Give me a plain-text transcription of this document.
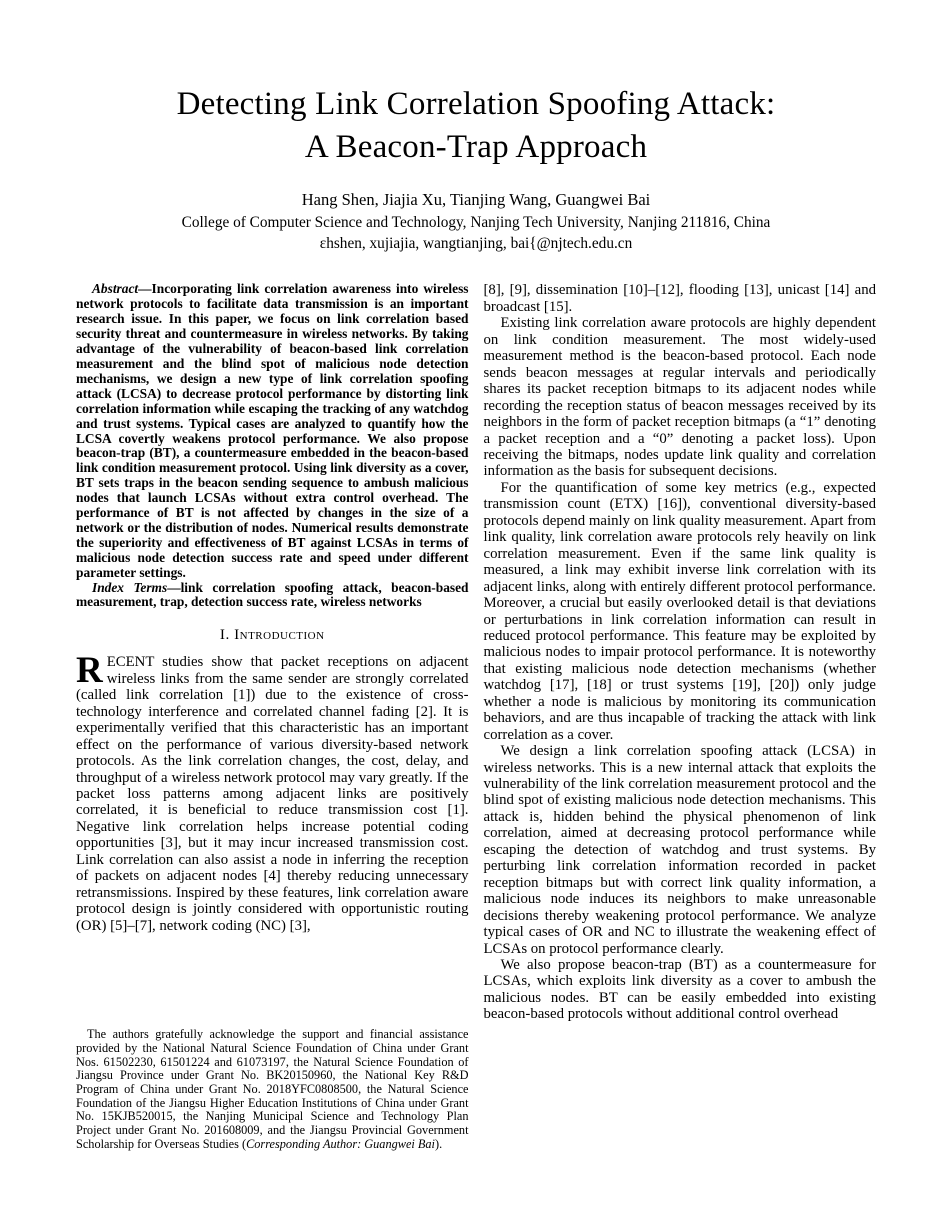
Detecting Link Correlation Spoofing Attack:
A Beacon-Trap Approach
Hang Shen, Jiajia Xu, Tianjing Wang, Guangwei Bai
College of Computer Science and Technology, Nanjing Tech University, Nanjing 211816, China
ɛhshen, xujiajia, wangtianjing, bai{@njtech.edu.cn

Abstract—Incorporating link correlation awareness into wireless network protocols to facilitate data transmission is an important research issue. In this paper, we focus on link correlation based security threat and countermeasure in wireless networks. By taking advantage of the vulnerability of beacon-based link correlation measurement and the blind spot of malicious node detection mechanisms, we design a new type of link correlation spoofing attack (LCSA) to decrease protocol performance by distorting link correlation information while escaping the tracking of any watchdog and trust systems. Typical cases are analyzed to quantify how the LCSA covertly weakens protocol performance. We also propose beacon-trap (BT), a countermeasure embedded in the beacon-based link condition measurement protocol. Using link diversity as a cover, BT sets traps in the beacon sending sequence to ambush malicious nodes that launch LCSAs without extra control overhead. The performance of BT is not affected by changes in the size of a network or the distribution of nodes. Numerical results demonstrate the superiority and effectiveness of BT against LCSAs in terms of malicious node detection success rate and speed under different parameter settings.

Index Terms—link correlation spoofing attack, beacon-based measurement, trap, detection success rate, wireless networks

I. Introduction

RECENT studies show that packet receptions on adjacent wireless links from the same sender are strongly correlated (called link correlation [1]) due to the existence of cross-technology interference and correlated channel fading [2]. It is experimentally verified that this characteristic has an important effect on the performance of various diversity-based network protocols. As the link correlation changes, the cost, delay, and throughput of a wireless network protocol may vary greatly. If the packet loss patterns among adjacent links are positively correlated, it is beneficial to reduce transmission cost [1]. Negative link correlation helps increase potential coding opportunities [3], but it may incur increased transmission cost. Link correlation can also assist a node in inferring the reception of packets on adjacent nodes [4] thereby reducing unnecessary retransmissions. Inspired by these features, link correlation aware protocol design is jointly considered with opportunistic routing (OR) [5]–[7], network coding (NC) [3],

The authors gratefully acknowledge the support and financial assistance provided by the National Natural Science Foundation of China under Grant Nos. 61502230, 61501224 and 61073197, the Natural Science Foundation of Jiangsu Province under Grant No. BK20150960, the National Key R&D Program of China under Grant No. 2018YFC0808500, the Natural Science Foundation of the Jiangsu Higher Education Institutions of China under Grant No. 15KJB520015, the Nanjing Municipal Science and Technology Plan Project under Grant No. 201608009, and the Jiangsu Provincial Government Scholarship for Overseas Studies (Corresponding Author: Guangwei Bai).

[8], [9], dissemination [10]–[12], flooding [13], unicast [14] and broadcast [15].

Existing link correlation aware protocols are highly dependent on link condition measurement. The most widely-used measurement method is the beacon-based protocol. Each node sends beacon messages at regular intervals and periodically shares its packet reception bitmaps to its adjacent nodes while recording the reception status of beacon messages received by its neighbors in the form of packet reception bitmaps (a “1” denoting a packet reception and a “0” denoting a packet loss). Upon receiving the bitmaps, nodes update link quality and correlation information as the basis for subsequent decisions.

For the quantification of some key metrics (e.g., expected transmission count (ETX) [16]), conventional diversity-based protocols depend mainly on link quality measurement. Apart from link quality, link correlation aware protocols rely heavily on link correlation measurement. Even if the same link quality is measured, a link may exhibit inverse link correlation with its adjacent links, along with entirely different protocol performance. Moreover, a crucial but easily overlooked detail is that deviations or perturbations in link correlation information can result in reduced protocol performance. This feature may be exploited by malicious nodes to impair protocol performance. It is noteworthy that existing malicious node detection mechanisms (whether watchdog [17], [18] or trust systems [19], [20]) only judge whether a node is malicious by monitoring its communication behaviors, and are thus incapable of tracking the attack with link correlation as a cover.

We design a link correlation spoofing attack (LCSA) in wireless networks. This is a new internal attack that exploits the vulnerability of the link correlation measurement protocol and the blind spot of existing malicious node detection mechanisms. This attack is, hidden behind the physical phenomenon of link correlation, aimed at decreasing protocol performance while escaping the detection of watchdog and trust systems. By perturbing link correlation information recorded in packet reception bitmaps but with correct link quality information, a malicious node induces its neighbors to make unreasonable decisions thereby weakening protocol performance. We analyze typical cases of OR and NC to illustrate the weakening effect of LCSAs on protocol performance clearly.

We also propose beacon-trap (BT) as a countermeasure for LCSAs, which exploits link diversity as a cover to ambush the malicious nodes. BT can be easily embedded into existing beacon-based protocols without additional control overhead
